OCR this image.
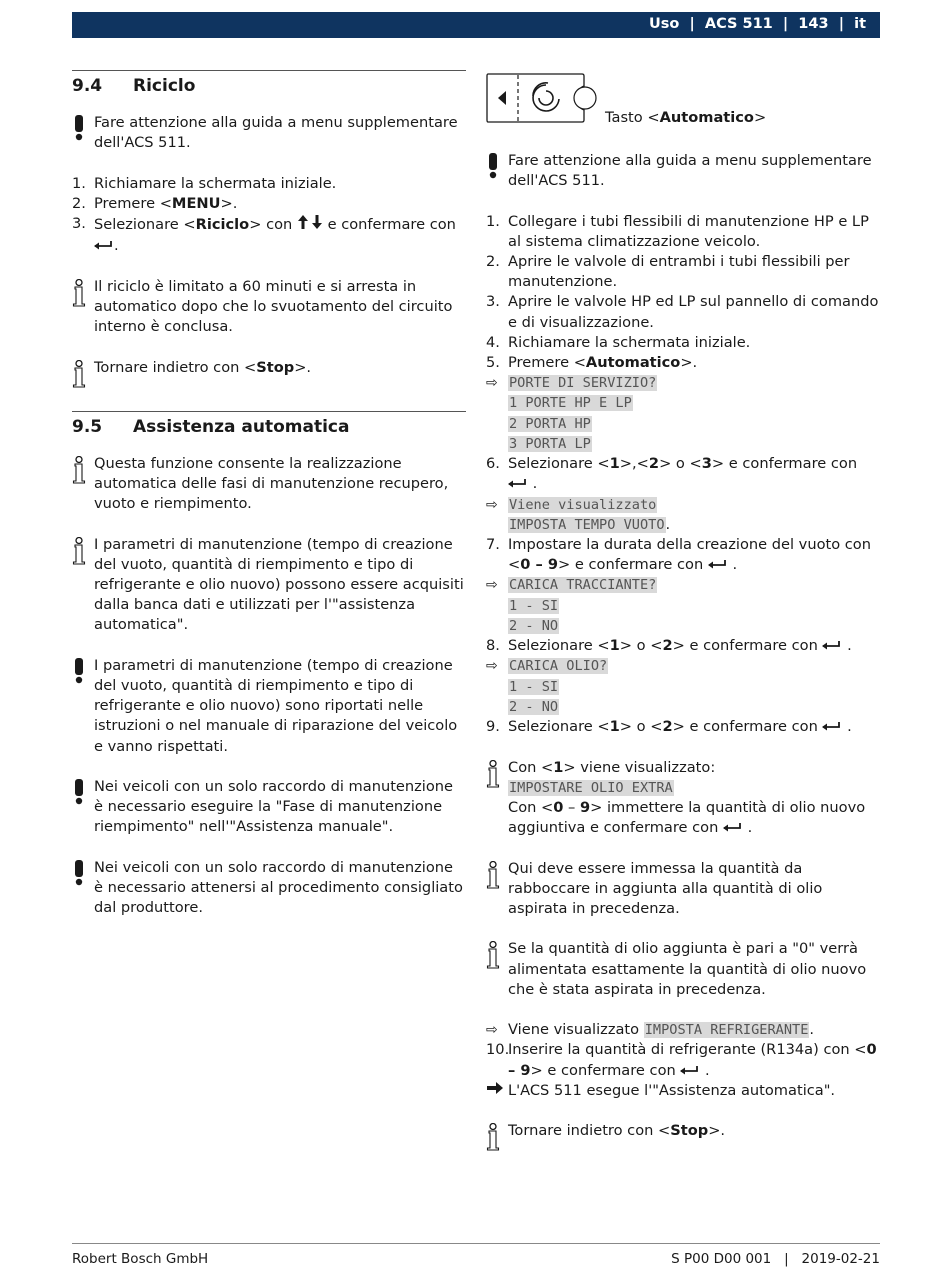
Uso | ACS 511 | 143 | it
9.4 Riciclo
Fare attenzione alla guida a menu supplementare dell'ACS 511.
1. Richiamare la schermata iniziale.
2. Premere <MENU>.
3. Selezionare <Riciclo> con e confermare con .
Il riciclo è limitato a 60 minuti e si arresta in automatico dopo che lo svuotamento del circuito interno è conclusa.
Tornare indietro con <Stop>.
9.5 Assistenza automatica
Questa funzione consente la realizzazione automatica delle fasi di manutenzione recupero, vuoto e riempimento.
I parametri di manutenzione (tempo di creazione del vuoto, quantità di riempimento e tipo di refrigerante e olio nuovo) possono essere acquisiti dalla banca dati e utilizzati per l'"assistenza automatica".
I parametri di manutenzione (tempo di creazione del vuoto, quantità di riempimento e tipo di refrigerante e olio nuovo) sono riportati nelle istruzioni o nel manuale di riparazione del veicolo e vanno rispettati.
Nei veicoli con un solo raccordo di manutenzione è necessario eseguire la "Fase di manutenzione riempimento" nell'"Assistenza manuale".
Nei veicoli con un solo raccordo di manutenzione è necessario attenersi al procedimento consigliato dal produttore.
Tasto <Automatico>
Fare attenzione alla guida a menu supplementare dell'ACS 511.
1. Collegare i tubi flessibili di manutenzione HP e LP al sistema climatizzazione veicolo.
2. Aprire le valvole di entrambi i tubi flessibili per manutenzione.
3. Aprire le valvole HP ed LP sul pannello di comando e di visualizzazione.
4. Richiamare la schermata iniziale.
5. Premere <Automatico>.
⇨ PORTE DI SERVIZIO?
1 PORTE HP E LP
2 PORTA HP
3 PORTA LP
6. Selezionare <1>,<2> o <3> e confermare con  .
⇨ Viene visualizzato
IMPOSTA TEMPO VUOTO.
7. Impostare la durata della creazione del vuoto con <0 – 9> e confermare con  .
⇨ CARICA TRACCIANTE?
1 - SI
2 - NO
8. Selezionare <1> o <2> e confermare con  .
⇨ CARICA OLIO?
1 - SI
2 - NO
9. Selezionare <1> o <2> e confermare con  .
Con <1> viene visualizzato:
IMPOSTARE OLIO EXTRA
Con <0 – 9> immettere la quantità di olio nuovo aggiuntiva e confermare con  .
Qui deve essere immessa la quantità da rabboccare in aggiunta alla quantità di olio aspirata in precedenza.
Se la quantità di olio aggiunta è pari a "0" verrà alimentata esattamente la quantità di olio nuovo che è stata aspirata in precedenza.
⇨ Viene visualizzato IMPOSTA REFRIGERANTE.
10.
Inserire la quantità di refrigerante (R134a) con <0 – 9> e confermare con  .
L'ACS 511 esegue l'"Assistenza automatica".
Tornare indietro con <Stop>.
Robert Bosch GmbH	S P00 D00 001 | 2019-02-21
